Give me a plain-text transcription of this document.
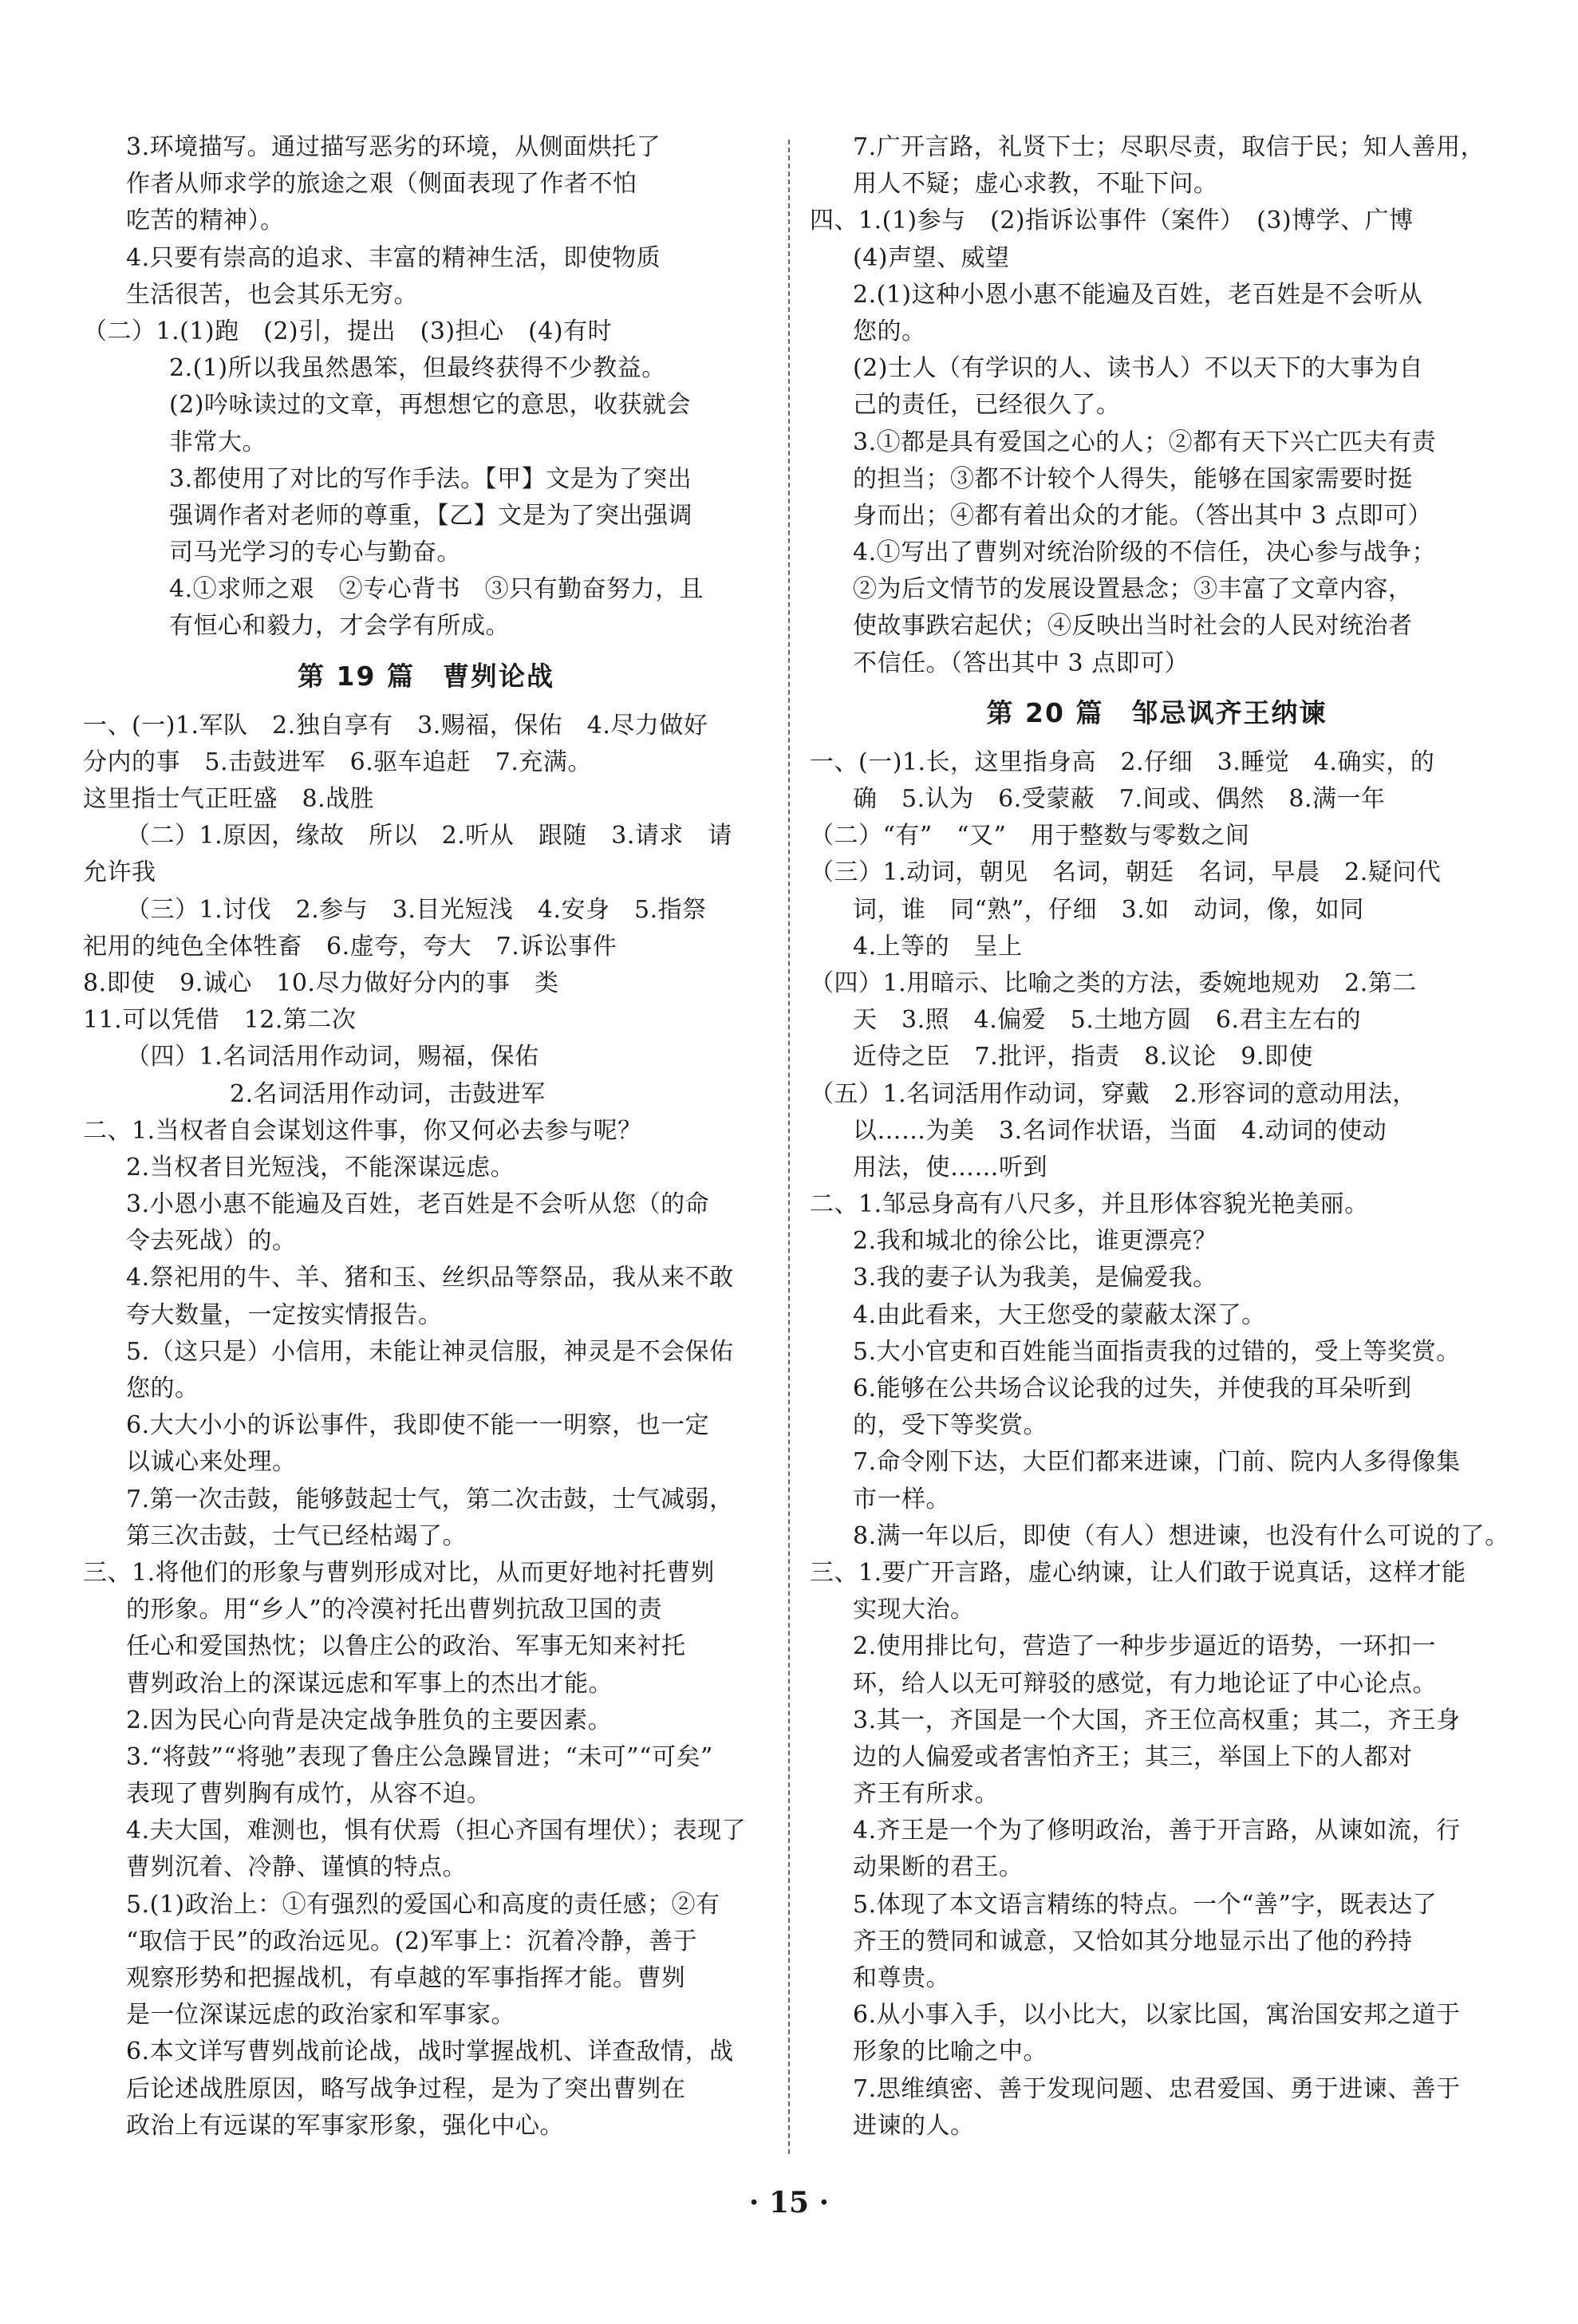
3.环境描写。通过描写恶劣的环境，从侧面烘托了
作者从师求学的旅途之艰（侧面表现了作者不怕
吃苦的精神）。
4.只要有崇高的追求、丰富的精神生活，即使物质
生活很苦，也会其乐无穷。
（二）1.(1)跑　(2)引，提出　(3)担心　(4)有时
2.(1)所以我虽然愚笨，但最终获得不少教益。
(2)吟咏读过的文章，再想想它的意思，收获就会
非常大。
3.都使用了对比的写作手法。【甲】文是为了突出
强调作者对老师的尊重，【乙】文是为了突出强调
司马光学习的专心与勤奋。
4.①求师之艰　②专心背书　③只有勤奋努力，且
有恒心和毅力，才会学有所成。
第 19 篇　曹刿论战
一、(一)1.军队　2.独自享有　3.赐福，保佑　4.尽力做好
分内的事　5.击鼓进军　6.驱车追赶　7.充满。
这里指士气正旺盛　8.战胜
（二）1.原因，缘故　所以　2.听从　跟随　3.请求　请
允许我
（三）1.讨伐　2.参与　3.目光短浅　4.安身　5.指祭
祀用的纯色全体牲畜　6.虚夸，夸大　7.诉讼事件
8.即使　9.诚心　10.尽力做好分内的事　类
11.可以凭借　12.第二次
（四）1.名词活用作动词，赐福，保佑
2.名词活用作动词，击鼓进军
二、1.当权者自会谋划这件事，你又何必去参与呢？
2.当权者目光短浅，不能深谋远虑。
3.小恩小惠不能遍及百姓，老百姓是不会听从您（的命
令去死战）的。
4.祭祀用的牛、羊、猪和玉、丝织品等祭品，我从来不敢
夸大数量，一定按实情报告。
5.（这只是）小信用，未能让神灵信服，神灵是不会保佑
您的。
6.大大小小的诉讼事件，我即使不能一一明察，也一定
以诚心来处理。
7.第一次击鼓，能够鼓起士气，第二次击鼓，士气减弱，
第三次击鼓，士气已经枯竭了。
三、1.将他们的形象与曹刿形成对比，从而更好地衬托曹刿
的形象。用“乡人”的冷漠衬托出曹刿抗敌卫国的责
任心和爱国热忱；以鲁庄公的政治、军事无知来衬托
曹刿政治上的深谋远虑和军事上的杰出才能。
2.因为民心向背是决定战争胜负的主要因素。
3.“将鼓”“将驰”表现了鲁庄公急躁冒进；“未可”“可矣”
表现了曹刿胸有成竹，从容不迫。
4.夫大国，难测也，惧有伏焉（担心齐国有埋伏）；表现了
曹刿沉着、冷静、谨慎的特点。
5.(1)政治上：①有强烈的爱国心和高度的责任感；②有
“取信于民”的政治远见。(2)军事上：沉着冷静，善于
观察形势和把握战机，有卓越的军事指挥才能。曹刿
是一位深谋远虑的政治家和军事家。
6.本文详写曹刿战前论战，战时掌握战机、详查敌情，战
后论述战胜原因，略写战争过程，是为了突出曹刿在
政治上有远谋的军事家形象，强化中心。
7.广开言路，礼贤下士；尽职尽责，取信于民；知人善用，
用人不疑；虚心求教，不耻下问。
四、1.(1)参与　(2)指诉讼事件（案件）　(3)博学、广博
(4)声望、威望
2.(1)这种小恩小惠不能遍及百姓，老百姓是不会听从
您的。
(2)士人（有学识的人、读书人）不以天下的大事为自
己的责任，已经很久了。
3.①都是具有爱国之心的人；②都有天下兴亡匹夫有责
的担当；③都不计较个人得失，能够在国家需要时挺
身而出；④都有着出众的才能。（答出其中 3 点即可）
4.①写出了曹刿对统治阶级的不信任，决心参与战争；
②为后文情节的发展设置悬念；③丰富了文章内容，
使故事跌宕起伏；④反映出当时社会的人民对统治者
不信任。（答出其中 3 点即可）
第 20 篇　邹忌讽齐王纳谏
一、(一)1.长，这里指身高　2.仔细　3.睡觉　4.确实，的
确　5.认为　6.受蒙蔽　7.间或、偶然　8.满一年
（二）“有”　“又”　用于整数与零数之间
（三）1.动词，朝见　名词，朝廷　名词，早晨　2.疑问代
词，谁　同“熟”，仔细　3.如　动词，像，如同
4.上等的　呈上
（四）1.用暗示、比喻之类的方法，委婉地规劝　2.第二
天　3.照　4.偏爱　5.土地方圆　6.君主左右的
近侍之臣　7.批评，指责　8.议论　9.即使
（五）1.名词活用作动词，穿戴　2.形容词的意动用法，
以……为美　3.名词作状语，当面　4.动词的使动
用法，使……听到
二、1.邹忌身高有八尺多，并且形体容貌光艳美丽。
2.我和城北的徐公比，谁更漂亮？
3.我的妻子认为我美，是偏爱我。
4.由此看来，大王您受的蒙蔽太深了。
5.大小官吏和百姓能当面指责我的过错的，受上等奖赏。
6.能够在公共场合议论我的过失，并使我的耳朵听到
的，受下等奖赏。
7.命令刚下达，大臣们都来进谏，门前、院内人多得像集
市一样。
8.满一年以后，即使（有人）想进谏，也没有什么可说的了。
三、1.要广开言路，虚心纳谏，让人们敢于说真话，这样才能
实现大治。
2.使用排比句，营造了一种步步逼近的语势，一环扣一
环，给人以无可辩驳的感觉，有力地论证了中心论点。
3.其一，齐国是一个大国，齐王位高权重；其二，齐王身
边的人偏爱或者害怕齐王；其三，举国上下的人都对
齐王有所求。
4.齐王是一个为了修明政治，善于开言路，从谏如流，行
动果断的君王。
5.体现了本文语言精练的特点。一个“善”字，既表达了
齐王的赞同和诚意，又恰如其分地显示出了他的矜持
和尊贵。
6.从小事入手，以小比大，以家比国，寓治国安邦之道于
形象的比喻之中。
7.思维缜密、善于发现问题、忠君爱国、勇于进谏、善于
进谏的人。
· 15 ·
